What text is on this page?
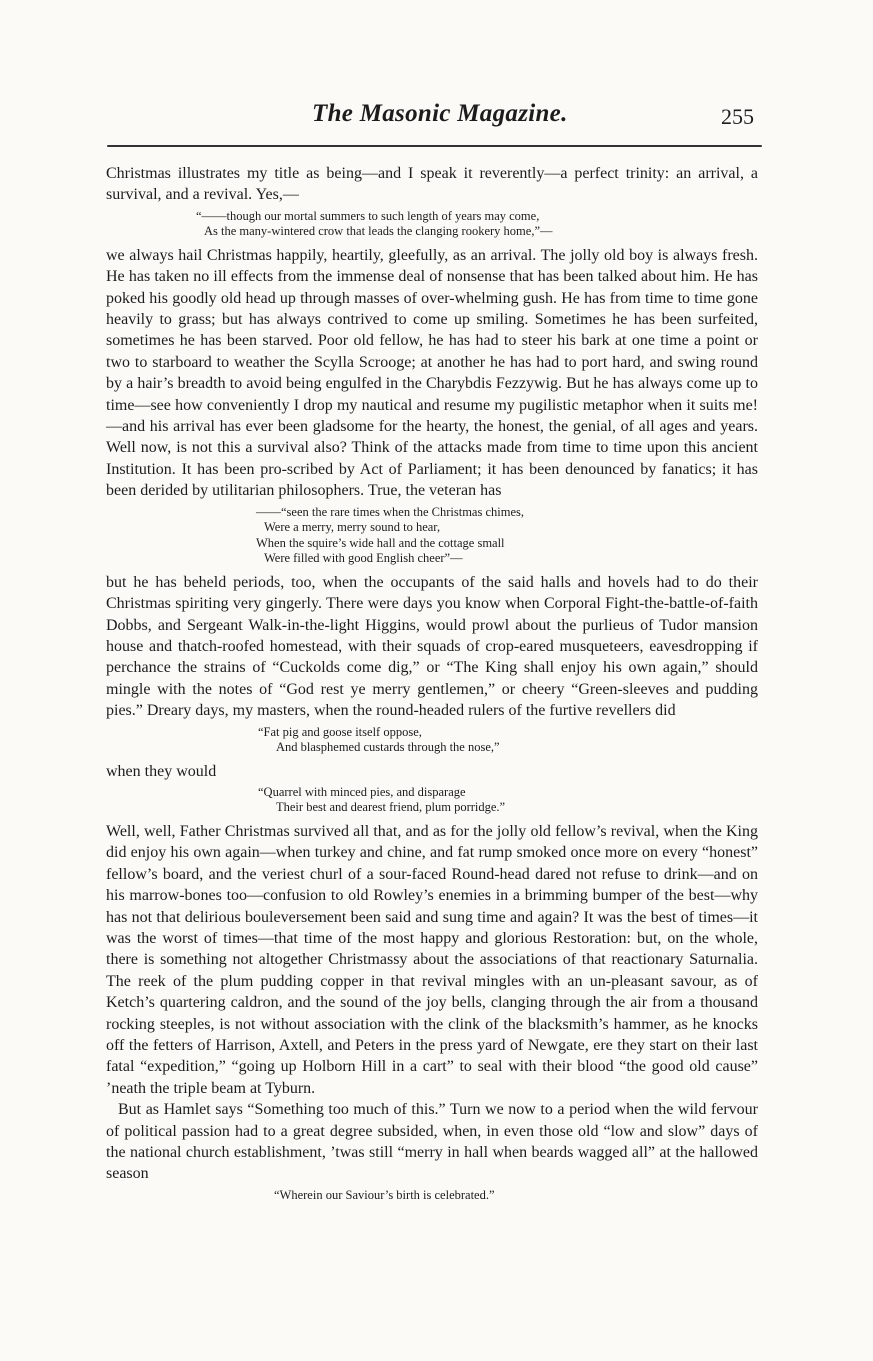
The Masonic Magazine.	255

Christmas illustrates my title as being—and I speak it reverently—a perfect trinity: an arrival, a survival, and a revival. Yes,—

“——though our mortal summers to such length of years may come,
As the many-wintered crow that leads the clanging rookery home,”—

we always hail Christmas happily, heartily, gleefully, as an arrival. The jolly old boy is always fresh. He has taken no ill effects from the immense deal of nonsense that has been talked about him. He has poked his goodly old head up through masses of over-whelming gush. He has from time to time gone heavily to grass; but has always contrived to come up smiling. Sometimes he has been surfeited, sometimes he has been starved. Poor old fellow, he has had to steer his bark at one time a point or two to starboard to weather the Scylla Scrooge; at another he has had to port hard, and swing round by a hair’s breadth to avoid being engulfed in the Charybdis Fezzywig. But he has always come up to time—see how conveniently I drop my nautical and resume my pugilistic metaphor when it suits me!—and his arrival has ever been gladsome for the hearty, the honest, the genial, of all ages and years. Well now, is not this a survival also? Think of the attacks made from time to time upon this ancient Institution. It has been pro-scribed by Act of Parliament; it has been denounced by fanatics; it has been derided by utilitarian philosophers. True, the veteran has

——“seen the rare times when the Christmas chimes,
Were a merry, merry sound to hear,
When the squire’s wide hall and the cottage small
Were filled with good English cheer”—

but he has beheld periods, too, when the occupants of the said halls and hovels had to do their Christmas spiriting very gingerly. There were days you know when Corporal Fight-the-battle-of-faith Dobbs, and Sergeant Walk-in-the-light Higgins, would prowl about the purlieus of Tudor mansion house and thatch-roofed homestead, with their squads of crop-eared musqueteers, eavesdropping if perchance the strains of “Cuckolds come dig,” or “The King shall enjoy his own again,” should mingle with the notes of “God rest ye merry gentlemen,” or cheery “Green-sleeves and pudding pies.” Dreary days, my masters, when the round-headed rulers of the furtive revellers did

“Fat pig and goose itself oppose,
And blasphemed custards through the nose,”

when they would

“Quarrel with minced pies, and disparage
Their best and dearest friend, plum porridge.”

Well, well, Father Christmas survived all that, and as for the jolly old fellow’s revival, when the King did enjoy his own again—when turkey and chine, and fat rump smoked once more on every “honest” fellow’s board, and the veriest churl of a sour-faced Round-head dared not refuse to drink—and on his marrow-bones too—confusion to old Rowley’s enemies in a brimming bumper of the best—why has not that delirious bouleversement been said and sung time and again? It was the best of times—it was the worst of times—that time of the most happy and glorious Restoration: but, on the whole, there is something not altogether Christmassy about the associations of that reactionary Saturnalia. The reek of the plum pudding copper in that revival mingles with an un-pleasant savour, as of Ketch’s quartering caldron, and the sound of the joy bells, clanging through the air from a thousand rocking steeples, is not without association with the clink of the blacksmith’s hammer, as he knocks off the fetters of Harrison, Axtell, and Peters in the press yard of Newgate, ere they start on their last fatal “expedition,” “going up Holborn Hill in a cart” to seal with their blood “the good old cause” ’neath the triple beam at Tyburn.

But as Hamlet says “Something too much of this.” Turn we now to a period when the wild fervour of political passion had to a great degree subsided, when, in even those old “low and slow” days of the national church establishment, ’twas still “merry in hall when beards wagged all” at the hallowed season

“Wherein our Saviour’s birth is celebrated.”
